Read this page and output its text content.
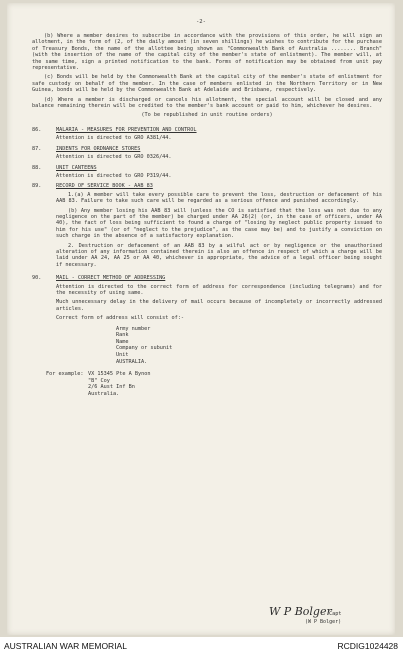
-2-

(b) Where a member desires to subscribe in accordance with the provisions of this order, he will sign an allotment, in the form of (2, of the daily amount (in seven shillings) he wishes to contribute for the purchase of Treasury Bonds, the name of the allottee being shown as "Commonwealth Bank of Australia ........ Branch" (with the insertion of the name of the capital city of the member's state of enlistment). The member will, at the same time, sign a printed notification to the bank. Forms of notification may be obtained from unit pay representative.

(c) Bonds will be held by the Commonwealth Bank at the capital city of the member's state of enlistment for safe custody on behalf of the member. In the case of members enlisted in the Northern Territory or in New Guinea, bonds will be held by the Commonwealth Bank at Adelaide and Brisbane, respectively.

(d) Where a member is discharged or cancels his allotment, the special account will be closed and any balance remaining therein will be credited to the member's bank account or paid to him, whichever he desires.

(To be republished in unit routine orders)

86.	MALARIA - MEASURES FOR PREVENTION AND CONTROL
Attention is directed to GRO A381/44.
87.	INDENTS FOR ORDNANCE STORES
Attention is directed to GRO 0326/44.
88.	UNIT CANTEENS
Attention is directed to GRO P319/44.
89.	RECORD OF SERVICE BOOK - AAB 83

1.(a) A member will take every possible care to prevent the loss, destruction or defacement of his AAB 83. Failure to take such care will be regarded as a serious offence and punished accordingly.

(b) Any member losing his AAB 83 will (unless the CO is satisfied that the loss was not due to any negligence on the part of the member) be charged under AA 26(2) (or, in the case of officers, under AA 40), the fact of loss being sufficient to found a charge of "losing by neglect public property issued to him for his use" (or of "neglect to the prejudice", as the case may be) and to justify a conviction on such charge in the absence of a satisfactory explanation.

2. Destruction or defacement of an AAB 83 by a wilful act or by negligence or the unauthorised alteration of any information contained therein is also an offence in respect of which a charge will be laid under AA 24, AA 25 or AA 40, whichever is appropriate, the advice of a legal officer being sought if necessary.

90.	MAIL - CORRECT METHOD OF ADDRESSING

Attention is directed to the correct form of address for correspondence (including telegrams) and for the necessity of using same.

Much unnecessary delay in the delivery of mail occurs because of incompletely or incorrectly addressed articles.

Correct form of address will consist of:-

Army number
Rank
Name
Company or subunit
Unit
AUSTRALIA.
For example: VX 15345 Pte A Bynon
"B" Coy
2/6 Aust Inf Bn
Australia.
W P Bolger
Capt
(W P Bolger)
AUSTRALIAN WAR MEMORIAL	RCDIG1024428
